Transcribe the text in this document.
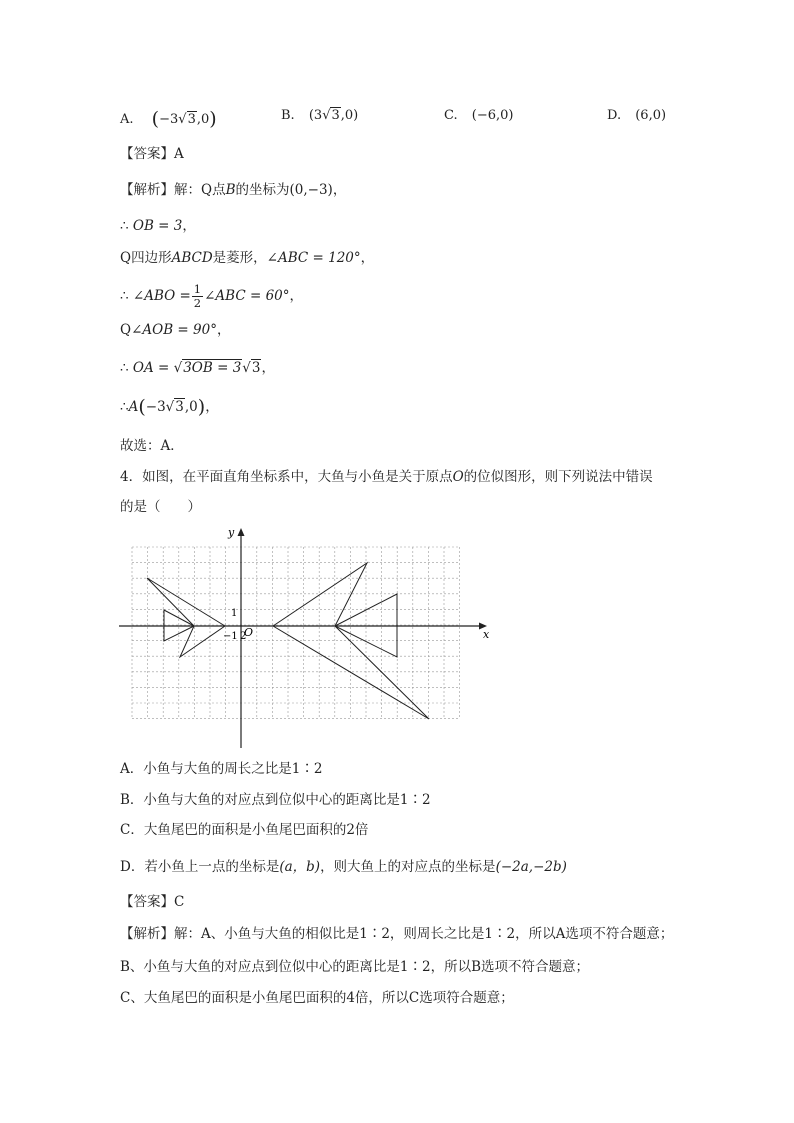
A. (−3√3,0)	B. (3√3,0)	C. (−6,0)	D. (6,0)
【答案】A
【解析】解：Q点B的坐标为(0,−3)，
∴ OB = 3，
Q四边形ABCD是菱形，∠ABC = 120°，
∴ ∠ABO = $\frac{1}{2}$ ∠ABC = 60°，
Q∠AOB = 90°，
∴ OA = √3OB = 3√3，
∴A(−3√3,0)，
故选：A．
4．如图，在平面直角坐标系中，大鱼与小鱼是关于原点O的位似图形，则下列说法中错误
的是（　　）
x
y
O
1
−1 2
A．小鱼与大鱼的周长之比是1∶2
B．小鱼与大鱼的对应点到位似中心的距离比是1∶2
C．大鱼尾巴的面积是小鱼尾巴面积的2倍
D．若小鱼上一点的坐标是(a，b)，则大鱼上的对应点的坐标是(−2a,−2b)
【答案】C
【解析】解：A、小鱼与大鱼的相似比是1∶2，则周长之比是1∶2，所以A选项不符合题意；
B、小鱼与大鱼的对应点到位似中心的距离比是1∶2，所以B选项不符合题意；
C、大鱼尾巴的面积是小鱼尾巴面积的4倍，所以C选项符合题意；
